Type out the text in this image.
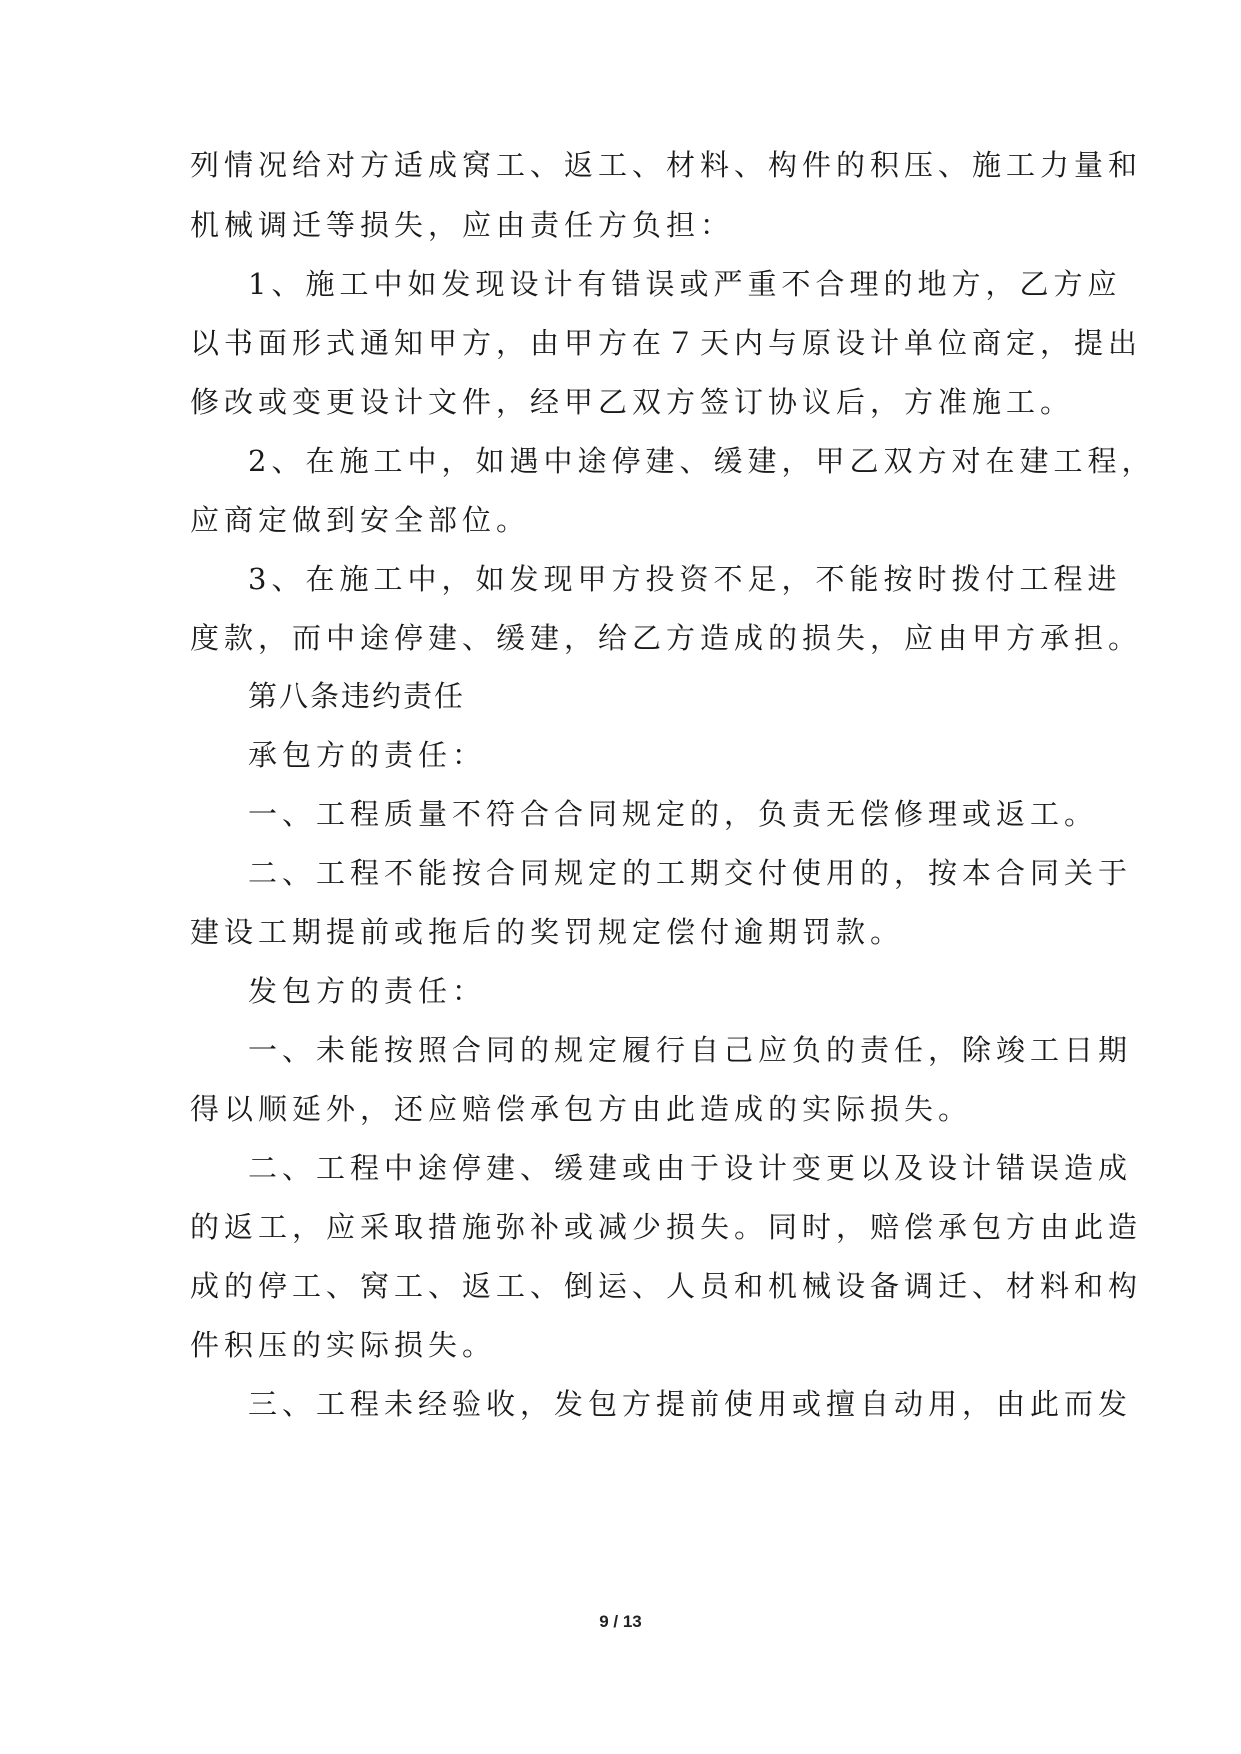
列情况给对方适成窝工、返工、材料、构件的积压、施工力量和
机械调迁等损失，应由责任方负担：
1、施工中如发现设计有错误或严重不合理的地方，乙方应
以书面形式通知甲方，由甲方在７天内与原设计单位商定，提出
修改或变更设计文件，经甲乙双方签订协议后，方准施工。
2、在施工中，如遇中途停建、缓建，甲乙双方对在建工程，
应商定做到安全部位。
3、在施工中，如发现甲方投资不足，不能按时拨付工程进
度款，而中途停建、缓建，给乙方造成的损失，应由甲方承担。
第八条违约责任
承包方的责任：
一、工程质量不符合合同规定的，负责无偿修理或返工。
二、工程不能按合同规定的工期交付使用的，按本合同关于
建设工期提前或拖后的奖罚规定偿付逾期罚款。
发包方的责任：
一、未能按照合同的规定履行自己应负的责任，除竣工日期
得以顺延外，还应赔偿承包方由此造成的实际损失。
二、工程中途停建、缓建或由于设计变更以及设计错误造成
的返工，应采取措施弥补或减少损失。同时，赔偿承包方由此造
成的停工、窝工、返工、倒运、人员和机械设备调迁、材料和构
件积压的实际损失。
三、工程未经验收，发包方提前使用或擅自动用，由此而发
9 / 13
